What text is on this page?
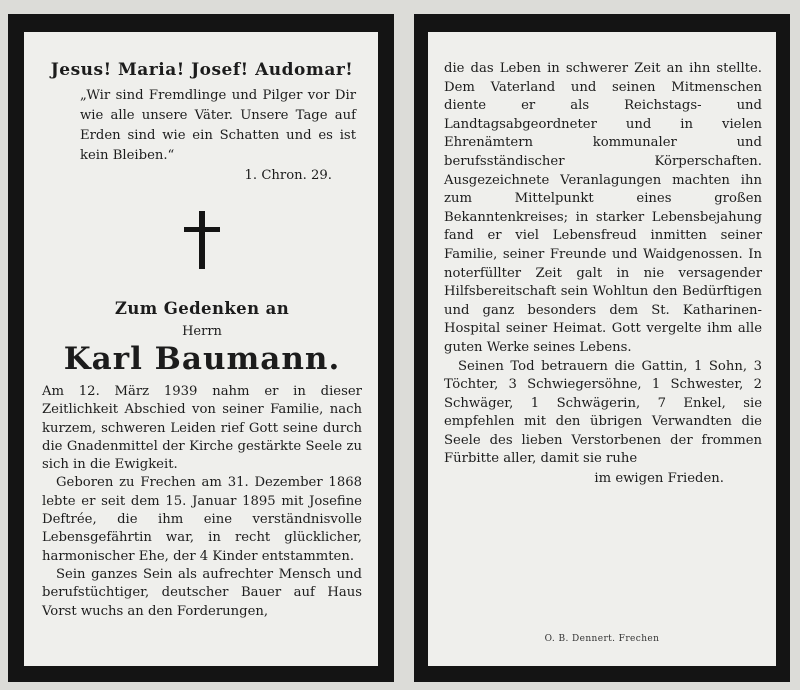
Jesus! Maria! Josef! Audomar!

„Wir sind Fremdlinge und Pilger vor Dir wie alle unsere Väter. Unsere Tage auf Erden sind wie ein Schatten und es ist kein Bleiben.“

1. Chron. 29.

Zum Gedenken an

Herrn

Karl Baumann.

Am 12. März 1939 nahm er in dieser Zeitlichkeit Abschied von seiner Familie, nach kurzem, schweren Leiden rief Gott seine durch die Gnadenmittel der Kirche gestärkte Seele zu sich in die Ewigkeit.

Geboren zu Frechen am 31. Dezember 1868 lebte er seit dem 15. Januar 1895 mit Josefine Deftrée, die ihm eine verständnisvolle Lebensgefährtin war, in recht glücklicher, harmonischer Ehe, der 4 Kinder entstammten.

Sein ganzes Sein als aufrechter Mensch und berufstüchtiger, deutscher Bauer auf Haus Vorst wuchs an den Forderungen,

die das Leben in schwerer Zeit an ihn stellte. Dem Vaterland und seinen Mitmenschen diente er als Reichstags- und Landtagsabgeordneter und in vielen Ehrenämtern kommunaler und berufsständischer Körperschaften. Ausgezeichnete Veranlagungen machten ihn zum Mittelpunkt eines großen Bekanntenkreises; in starker Lebensbejahung fand er viel Lebensfreud inmitten seiner Familie, seiner Freunde und Waidgenossen. In noterfüllter Zeit galt in nie versagender Hilfsbereitschaft sein Wohltun den Bedürftigen und ganz besonders dem St. Katharinen-Hospital seiner Heimat. Gott vergelte ihm alle guten Werke seines Lebens.

Seinen Tod betrauern die Gattin, 1 Sohn, 3 Töchter, 3 Schwiegersöhne, 1 Schwester, 2 Schwäger, 1 Schwägerin, 7 Enkel, sie empfehlen mit den übrigen Verwandten die Seele des lieben Verstorbenen der frommen Fürbitte aller, damit sie ruhe

im ewigen Frieden.

O. B. Dennert. Frechen
